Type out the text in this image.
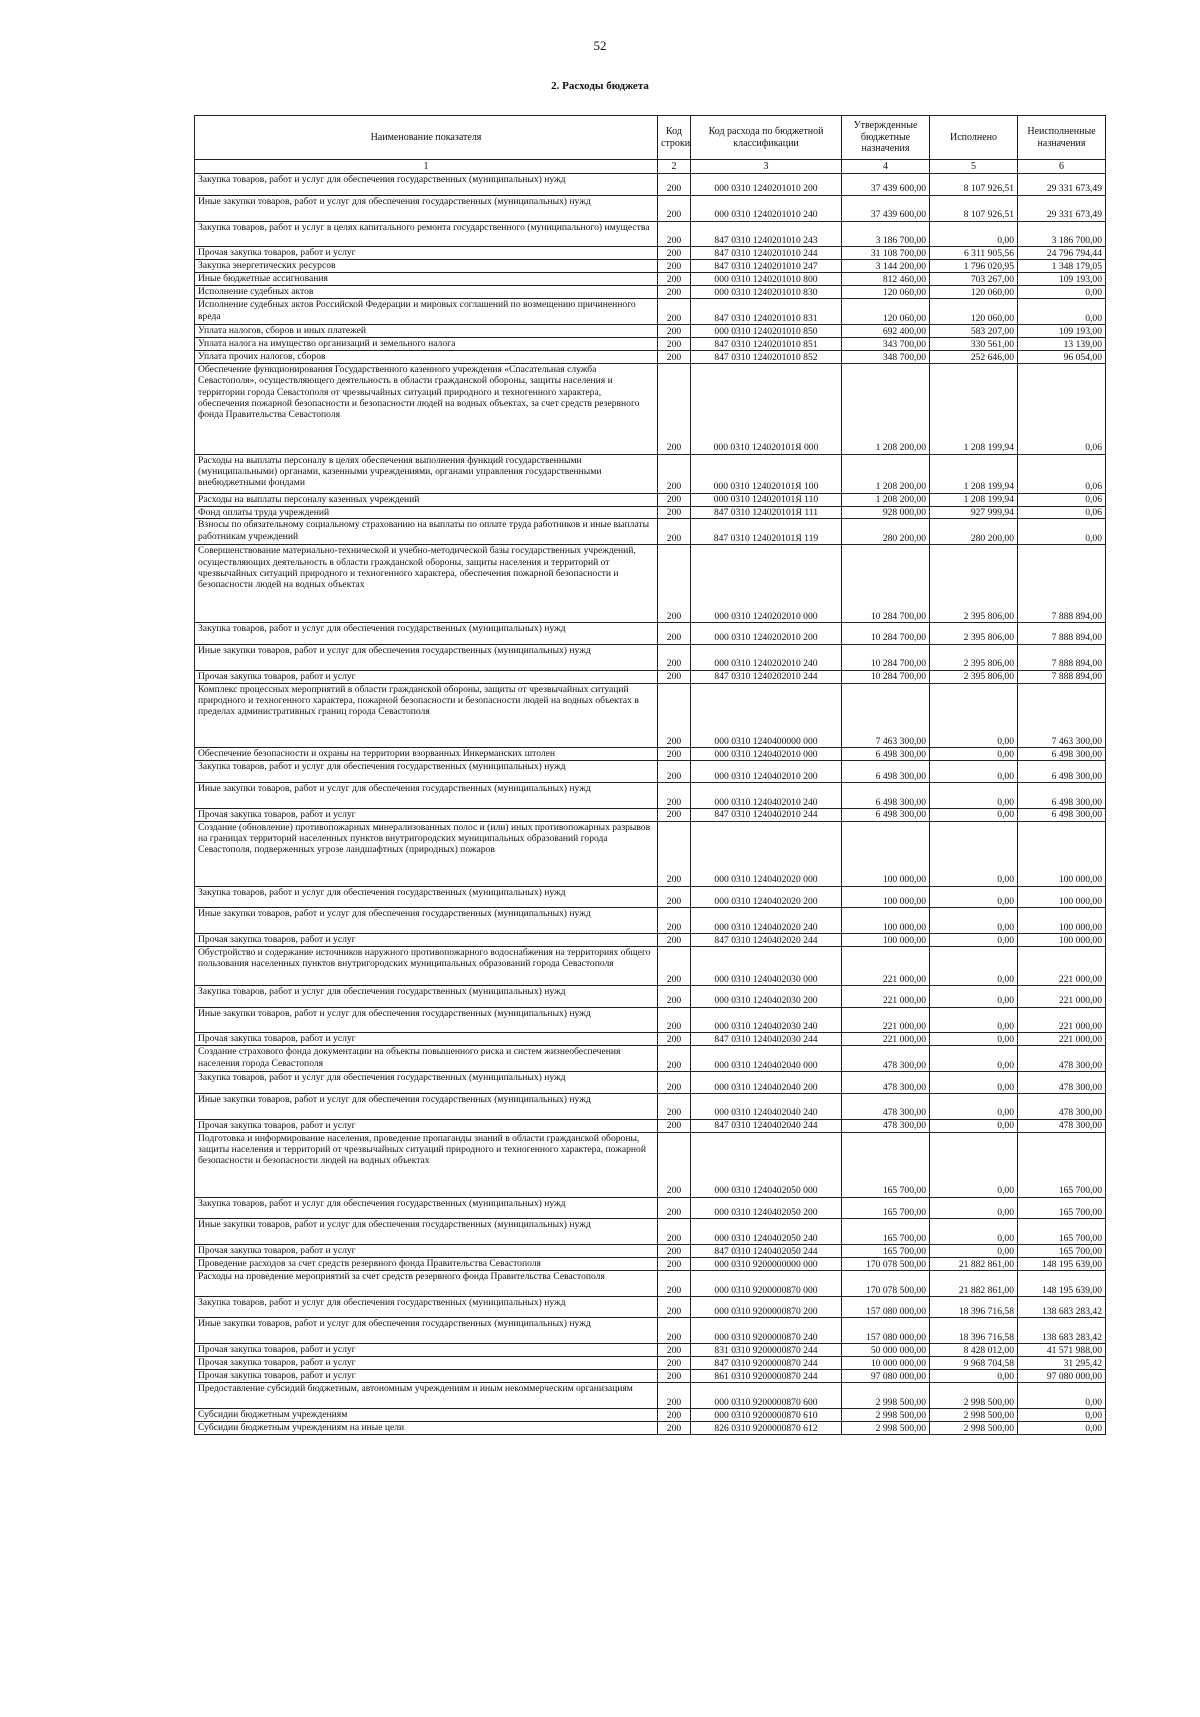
52
2. Расходы бюджета
Наименование показателя	Код строки	Код расхода по бюджетной классификации	Утвержденные бюджетные назначения	Исполнено	Неисполненные назначения
1	2	3	4	5	6
Закупка товаров, работ и услуг для обеспечения государственных (муниципальных) нужд	200	000 0310 1240201010 200	37 439 600,00	8 107 926,51	29 331 673,49
Иные закупки товаров, работ и услуг для обеспечения государственных (муниципальных) нужд	200	000 0310 1240201010 240	37 439 600,00	8 107 926,51	29 331 673,49
Закупка товаров, работ и услуг в целях капитального ремонта государственного (муниципального) имущества	200	847 0310 1240201010 243	3 186 700,00	0,00	3 186 700,00
Прочая закупка товаров, работ и услуг	200	847 0310 1240201010 244	31 108 700,00	6 311 905,56	24 796 794,44
Закупка энергетических ресурсов	200	847 0310 1240201010 247	3 144 200,00	1 796 020,95	1 348 179,05
Иные бюджетные ассигнования	200	000 0310 1240201010 800	812 460,00	703 267,00	109 193,00
Исполнение судебных актов	200	000 0310 1240201010 830	120 060,00	120 060,00	0,00
Исполнение судебных актов Российской Федерации и мировых соглашений по возмещению причиненного вреда	200	847 0310 1240201010 831	120 060,00	120 060,00	0,00
Уплата налогов, сборов и иных платежей	200	000 0310 1240201010 850	692 400,00	583 207,00	109 193,00
Уплата налога на имущество организаций и земельного налога	200	847 0310 1240201010 851	343 700,00	330 561,00	13 139,00
Уплата прочих налогов, сборов	200	847 0310 1240201010 852	348 700,00	252 646,00	96 054,00
Обеспечение функционирования Государственного казенного учреждения «Спасательная служба Севастополя», осуществляющего деятельность в области гражданской обороны, защиты населения и территории города Севастополя от чрезвычайных ситуаций природного и техногенного характера, обеспечения пожарной безопасности и безопасности людей на водных объектах, за счет средств резервного фонда Правительства Севастополя	200	000 0310 124020101Я 000	1 208 200,00	1 208 199,94	0,06
Расходы на выплаты персоналу в целях обеспечения выполнения функций государственными (муниципальными) органами, казенными учреждениями, органами управления государственными внебюджетными фондами	200	000 0310 124020101Я 100	1 208 200,00	1 208 199,94	0,06
Расходы на выплаты персоналу казенных учреждений	200	000 0310 124020101Я 110	1 208 200,00	1 208 199,94	0,06
Фонд оплаты труда учреждений	200	847 0310 124020101Я 111	928 000,00	927 999,94	0,06
Взносы по обязательному социальному страхованию на выплаты по оплате труда работников и иные выплаты работникам учреждений	200	847 0310 124020101Я 119	280 200,00	280 200,00	0,00
Совершенствование материально-технической и учебно-методической базы государственных учреждений, осуществляющих деятельность в области гражданской обороны, защиты населения и территорий от чрезвычайных ситуаций природного и техногенного характера, обеспечения пожарной безопасности и безопасности людей на водных объектах	200	000 0310 1240202010 000	10 284 700,00	2 395 806,00	7 888 894,00
Закупка товаров, работ и услуг для обеспечения государственных (муниципальных) нужд	200	000 0310 1240202010 200	10 284 700,00	2 395 806,00	7 888 894,00
Иные закупки товаров, работ и услуг для обеспечения государственных (муниципальных) нужд	200	000 0310 1240202010 240	10 284 700,00	2 395 806,00	7 888 894,00
Прочая закупка товаров, работ и услуг	200	847 0310 1240202010 244	10 284 700,00	2 395 806,00	7 888 894,00
Комплекс процессных мероприятий в области гражданской обороны, защиты от чрезвычайных ситуаций природного и техногенного характера, пожарной безопасности и безопасности людей на водных объектах в пределах административных границ города Севастополя	200	000 0310 1240400000 000	7 463 300,00	0,00	7 463 300,00
Обеспечение безопасности и охраны на территории взорванных Инкерманских штолен	200	000 0310 1240402010 000	6 498 300,00	0,00	6 498 300,00
Закупка товаров, работ и услуг для обеспечения государственных (муниципальных) нужд	200	000 0310 1240402010 200	6 498 300,00	0,00	6 498 300,00
Иные закупки товаров, работ и услуг для обеспечения государственных (муниципальных) нужд	200	000 0310 1240402010 240	6 498 300,00	0,00	6 498 300,00
Прочая закупка товаров, работ и услуг	200	847 0310 1240402010 244	6 498 300,00	0,00	6 498 300,00
Создание (обновление) противопожарных минерализованных полос и (или) иных противопожарных разрывов на границах территорий населенных пунктов внутригородских муниципальных образований города Севастополя, подверженных угрозе ландшафтных (природных) пожаров	200	000 0310 1240402020 000	100 000,00	0,00	100 000,00
Закупка товаров, работ и услуг для обеспечения государственных (муниципальных) нужд	200	000 0310 1240402020 200	100 000,00	0,00	100 000,00
Иные закупки товаров, работ и услуг для обеспечения государственных (муниципальных) нужд	200	000 0310 1240402020 240	100 000,00	0,00	100 000,00
Прочая закупка товаров, работ и услуг	200	847 0310 1240402020 244	100 000,00	0,00	100 000,00
Обустройство и содержание источников наружного противопожарного водоснабжения на территориях общего пользования населенных пунктов внутригородских муниципальных образований города Севастополя	200	000 0310 1240402030 000	221 000,00	0,00	221 000,00
Закупка товаров, работ и услуг для обеспечения государственных (муниципальных) нужд	200	000 0310 1240402030 200	221 000,00	0,00	221 000,00
Иные закупки товаров, работ и услуг для обеспечения государственных (муниципальных) нужд	200	000 0310 1240402030 240	221 000,00	0,00	221 000,00
Прочая закупка товаров, работ и услуг	200	847 0310 1240402030 244	221 000,00	0,00	221 000,00
Создание страхового фонда документации на объекты повышенного риска и систем жизнеобеспечения населения города Севастополя	200	000 0310 1240402040 000	478 300,00	0,00	478 300,00
Закупка товаров, работ и услуг для обеспечения государственных (муниципальных) нужд	200	000 0310 1240402040 200	478 300,00	0,00	478 300,00
Иные закупки товаров, работ и услуг для обеспечения государственных (муниципальных) нужд	200	000 0310 1240402040 240	478 300,00	0,00	478 300,00
Прочая закупка товаров, работ и услуг	200	847 0310 1240402040 244	478 300,00	0,00	478 300,00
Подготовка и информирование населения, проведение пропаганды знаний в области гражданской обороны, защиты населения и территорий от чрезвычайных ситуаций природного и техногенного характера, пожарной безопасности и безопасности людей на водных объектах	200	000 0310 1240402050 000	165 700,00	0,00	165 700,00
Закупка товаров, работ и услуг для обеспечения государственных (муниципальных) нужд	200	000 0310 1240402050 200	165 700,00	0,00	165 700,00
Иные закупки товаров, работ и услуг для обеспечения государственных (муниципальных) нужд	200	000 0310 1240402050 240	165 700,00	0,00	165 700,00
Прочая закупка товаров, работ и услуг	200	847 0310 1240402050 244	165 700,00	0,00	165 700,00
Проведение расходов за счет средств резервного фонда Правительства Севастополя	200	000 0310 9200000000 000	170 078 500,00	21 882 861,00	148 195 639,00
Расходы на проведение мероприятий за счет средств резервного фонда Правительства Севастополя	200	000 0310 9200000870 000	170 078 500,00	21 882 861,00	148 195 639,00
Закупка товаров, работ и услуг для обеспечения государственных (муниципальных) нужд	200	000 0310 9200000870 200	157 080 000,00	18 396 716,58	138 683 283,42
Иные закупки товаров, работ и услуг для обеспечения государственных (муниципальных) нужд	200	000 0310 9200000870 240	157 080 000,00	18 396 716,58	138 683 283,42
Прочая закупка товаров, работ и услуг	200	831 0310 9200000870 244	50 000 000,00	8 428 012,00	41 571 988,00
Прочая закупка товаров, работ и услуг	200	847 0310 9200000870 244	10 000 000,00	9 968 704,58	31 295,42
Прочая закупка товаров, работ и услуг	200	861 0310 9200000870 244	97 080 000,00	0,00	97 080 000,00
Предоставление субсидий бюджетным, автономным учреждениям и иным некоммерческим организациям	200	000 0310 9200000870 600	2 998 500,00	2 998 500,00	0,00
Субсидии бюджетным учреждениям	200	000 0310 9200000870 610	2 998 500,00	2 998 500,00	0,00
Субсидии бюджетным учреждениям на иные цели	200	826 0310 9200000870 612	2 998 500,00	2 998 500,00	0,00
